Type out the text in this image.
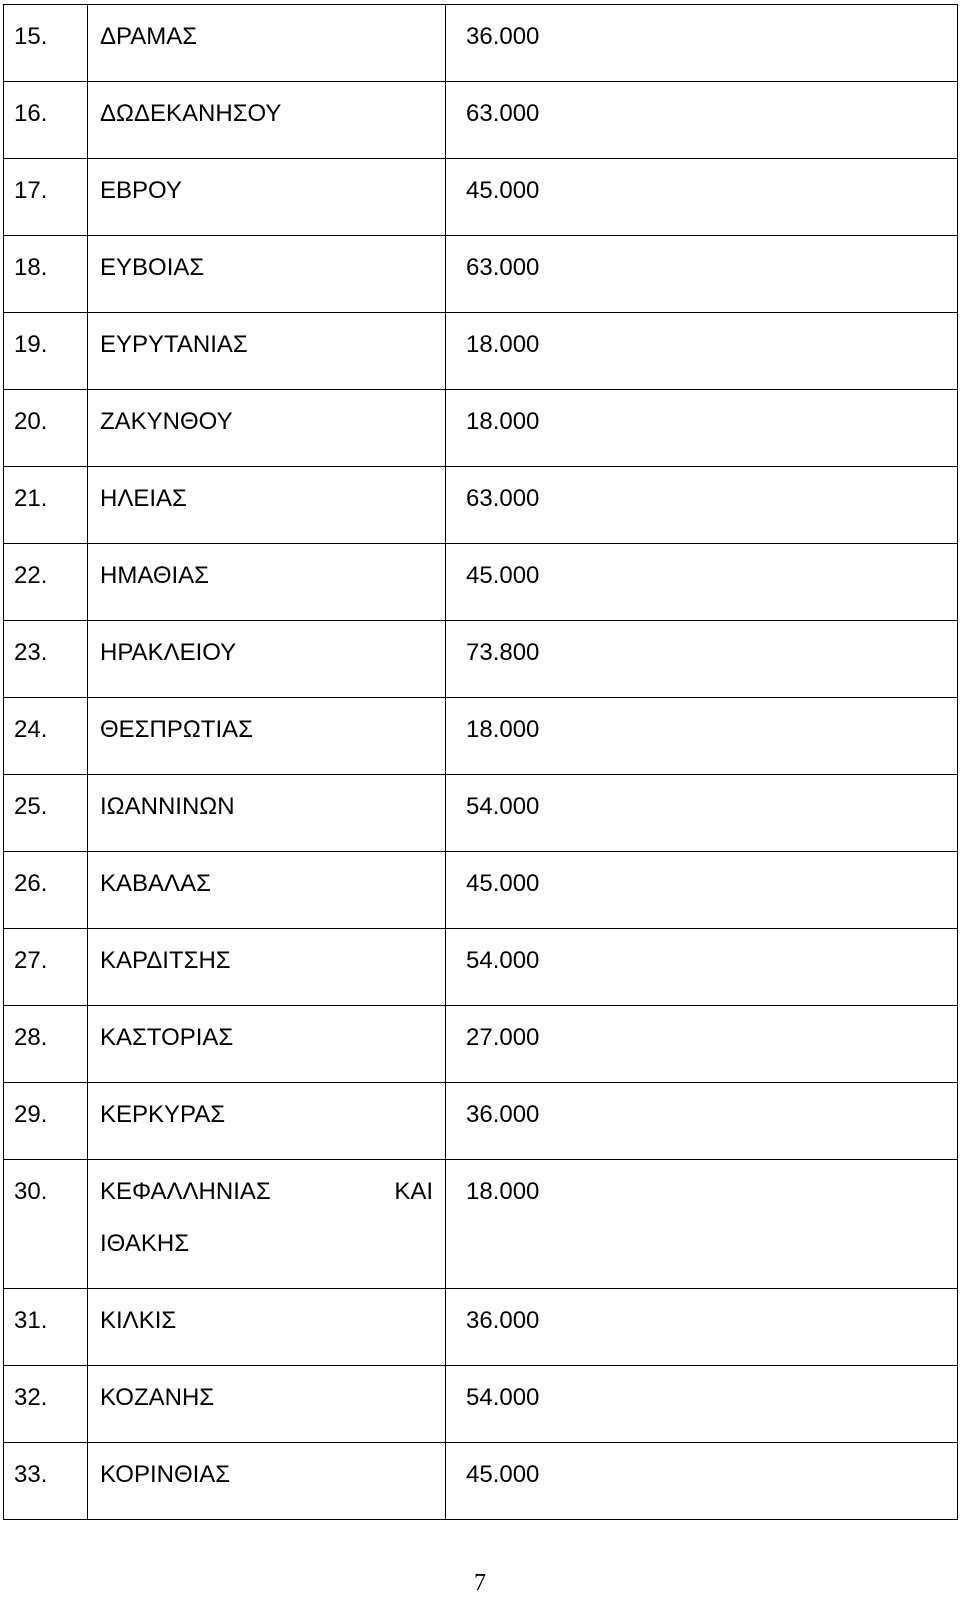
15.	ΔΡΑΜΑΣ	36.000

16.	ΔΩΔΕΚΑΝΗΣΟΥ	63.000

17.	ΕΒΡΟΥ	45.000

18.	ΕΥΒΟΙΑΣ	63.000

19.	ΕΥΡΥΤΑΝΙΑΣ	18.000

20.	ΖΑΚΥΝΘΟΥ	18.000

21.	ΗΛΕΙΑΣ	63.000

22.	ΗΜΑΘΙΑΣ	45.000

23.	ΗΡΑΚΛΕΙΟΥ	73.800

24.	ΘΕΣΠΡΩΤΙΑΣ	18.000

25.	ΙΩΑΝΝΙΝΩΝ	54.000

26.	ΚΑΒΑΛΑΣ	45.000

27.	ΚΑΡΔΙΤΣΗΣ	54.000

28.	ΚΑΣΤΟΡΙΑΣ	27.000

29.	ΚΕΡΚΥΡΑΣ	36.000

30.	ΚΕΦΑΛΛΗΝΙΑΣ ΚΑΙ
ΙΘΑΚΗΣ	18.000

31.	ΚΙΛΚΙΣ	36.000

32.	ΚΟΖΑΝΗΣ	54.000

33.	ΚΟΡΙΝΘΙΑΣ	45.000
7
